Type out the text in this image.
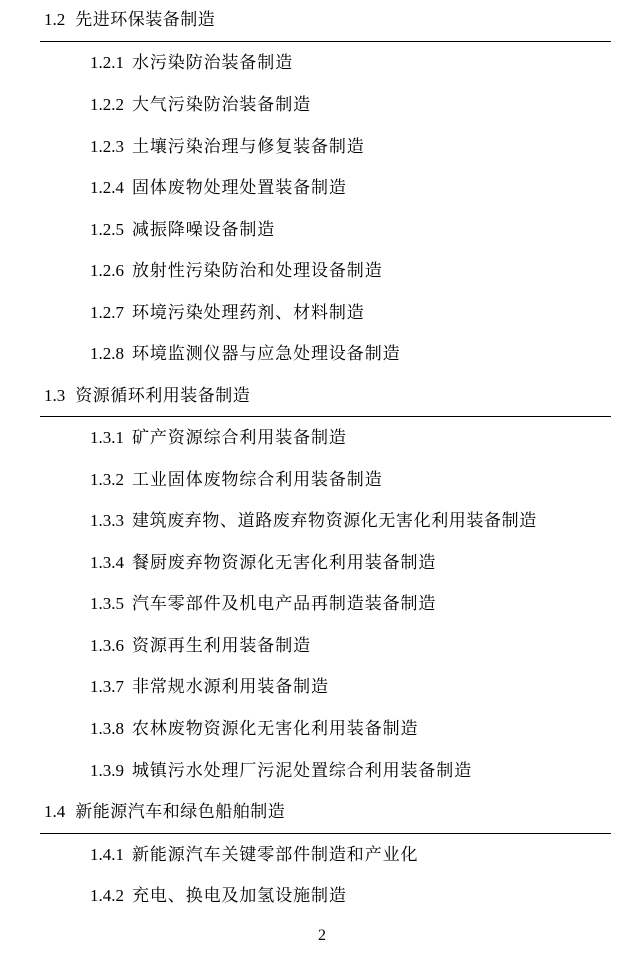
1.2 先进环保装备制造
1.2.1 水污染防治装备制造
1.2.2 大气污染防治装备制造
1.2.3 土壤污染治理与修复装备制造
1.2.4 固体废物处理处置装备制造
1.2.5 减振降噪设备制造
1.2.6 放射性污染防治和处理设备制造
1.2.7 环境污染处理药剂、材料制造
1.2.8 环境监测仪器与应急处理设备制造
1.3 资源循环利用装备制造
1.3.1 矿产资源综合利用装备制造
1.3.2 工业固体废物综合利用装备制造
1.3.3 建筑废弃物、道路废弃物资源化无害化利用装备制造
1.3.4 餐厨废弃物资源化无害化利用装备制造
1.3.5 汽车零部件及机电产品再制造装备制造
1.3.6 资源再生利用装备制造
1.3.7 非常规水源利用装备制造
1.3.8 农林废物资源化无害化利用装备制造
1.3.9 城镇污水处理厂污泥处置综合利用装备制造
1.4 新能源汽车和绿色船舶制造
1.4.1 新能源汽车关键零部件制造和产业化
1.4.2 充电、换电及加氢设施制造
2
